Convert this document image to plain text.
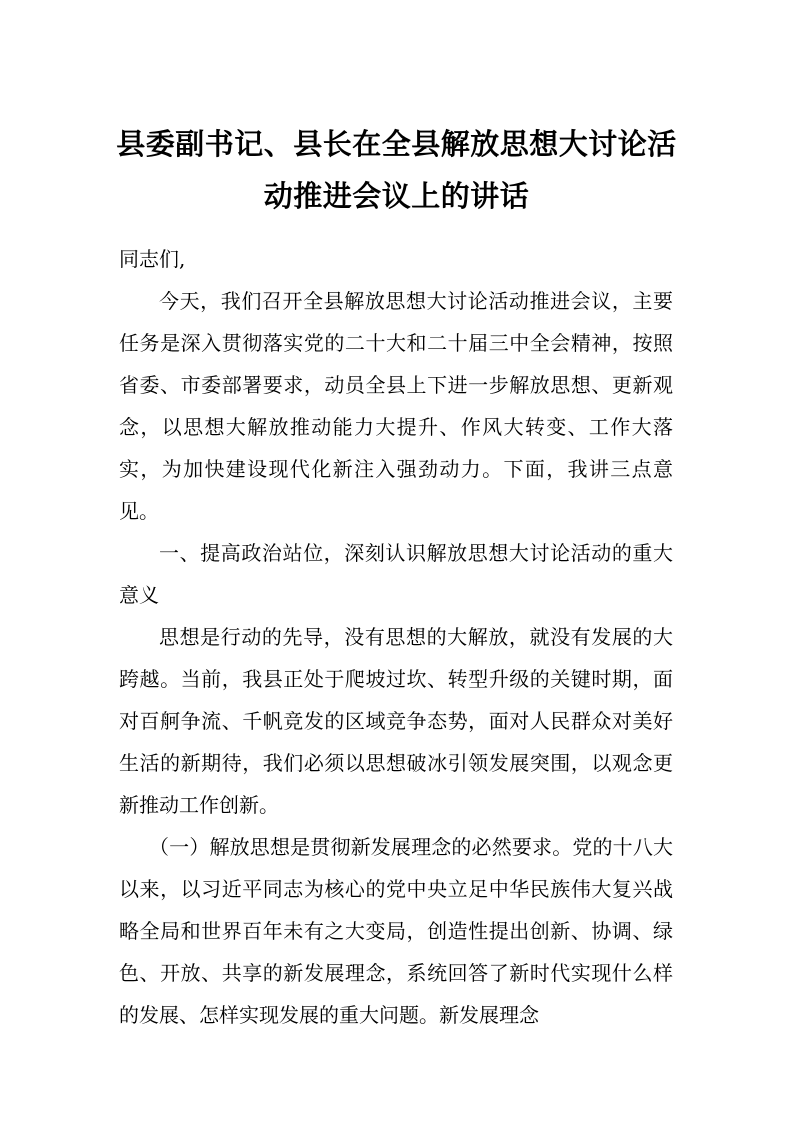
县委副书记、县长在全县解放思想大讨论活
动推进会议上的讲话

同志们,

今天，我们召开全县解放思想大讨论活动推进会议，主要任务是深入贯彻落实党的二十大和二十届三中全会精神，按照省委、市委部署要求，动员全县上下进一步解放思想、更新观念，以思想大解放推动能力大提升、作风大转变、工作大落实，为加快建设现代化新注入强劲动力。下面，我讲三点意见。

一、提高政治站位，深刻认识解放思想大讨论活动的重大意义

思想是行动的先导，没有思想的大解放，就没有发展的大跨越。当前，我县正处于爬坡过坎、转型升级的关键时期，面对百舸争流、千帆竞发的区域竞争态势，面对人民群众对美好生活的新期待，我们必须以思想破冰引领发展突围，以观念更新推动工作创新。

（一）解放思想是贯彻新发展理念的必然要求。党的十八大以来，以习近平同志为核心的党中央立足中华民族伟大复兴战略全局和世界百年未有之大变局，创造性提出创新、协调、绿色、开放、共享的新发展理念，系统回答了新时代实现什么样的发展、怎样实现发展的重大问题。新发展理念
